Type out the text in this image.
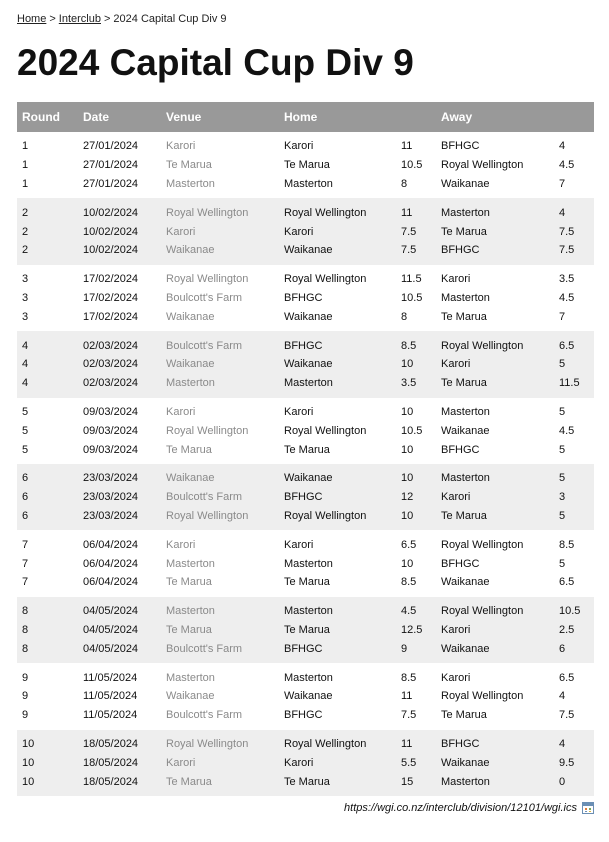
Home > Interclub > 2024 Capital Cup Div 9
2024 Capital Cup Div 9
Round	Date	Venue	Home		Away	

1	27/01/2024	Karori	Karori	11	BFHGC	4
1	27/01/2024	Te Marua	Te Marua	10.5	Royal Wellington	4.5
1	27/01/2024	Masterton	Masterton	8	Waikanae	7

2	10/02/2024	Royal Wellington	Royal Wellington	11	Masterton	4
2	10/02/2024	Karori	Karori	7.5	Te Marua	7.5
2	10/02/2024	Waikanae	Waikanae	7.5	BFHGC	7.5

3	17/02/2024	Royal Wellington	Royal Wellington	11.5	Karori	3.5
3	17/02/2024	Boulcott's Farm	BFHGC	10.5	Masterton	4.5
3	17/02/2024	Waikanae	Waikanae	8	Te Marua	7

4	02/03/2024	Boulcott's Farm	BFHGC	8.5	Royal Wellington	6.5
4	02/03/2024	Waikanae	Waikanae	10	Karori	5
4	02/03/2024	Masterton	Masterton	3.5	Te Marua	11.5

5	09/03/2024	Karori	Karori	10	Masterton	5
5	09/03/2024	Royal Wellington	Royal Wellington	10.5	Waikanae	4.5
5	09/03/2024	Te Marua	Te Marua	10	BFHGC	5

6	23/03/2024	Waikanae	Waikanae	10	Masterton	5
6	23/03/2024	Boulcott's Farm	BFHGC	12	Karori	3
6	23/03/2024	Royal Wellington	Royal Wellington	10	Te Marua	5

7	06/04/2024	Karori	Karori	6.5	Royal Wellington	8.5
7	06/04/2024	Masterton	Masterton	10	BFHGC	5
7	06/04/2024	Te Marua	Te Marua	8.5	Waikanae	6.5

8	04/05/2024	Masterton	Masterton	4.5	Royal Wellington	10.5
8	04/05/2024	Te Marua	Te Marua	12.5	Karori	2.5
8	04/05/2024	Boulcott's Farm	BFHGC	9	Waikanae	6

9	11/05/2024	Masterton	Masterton	8.5	Karori	6.5
9	11/05/2024	Waikanae	Waikanae	11	Royal Wellington	4
9	11/05/2024	Boulcott's Farm	BFHGC	7.5	Te Marua	7.5

10	18/05/2024	Royal Wellington	Royal Wellington	11	BFHGC	4
10	18/05/2024	Karori	Karori	5.5	Waikanae	9.5
10	18/05/2024	Te Marua	Te Marua	15	Masterton	0

https://wgi.co.nz/interclub/division/12101/wgi.ics
